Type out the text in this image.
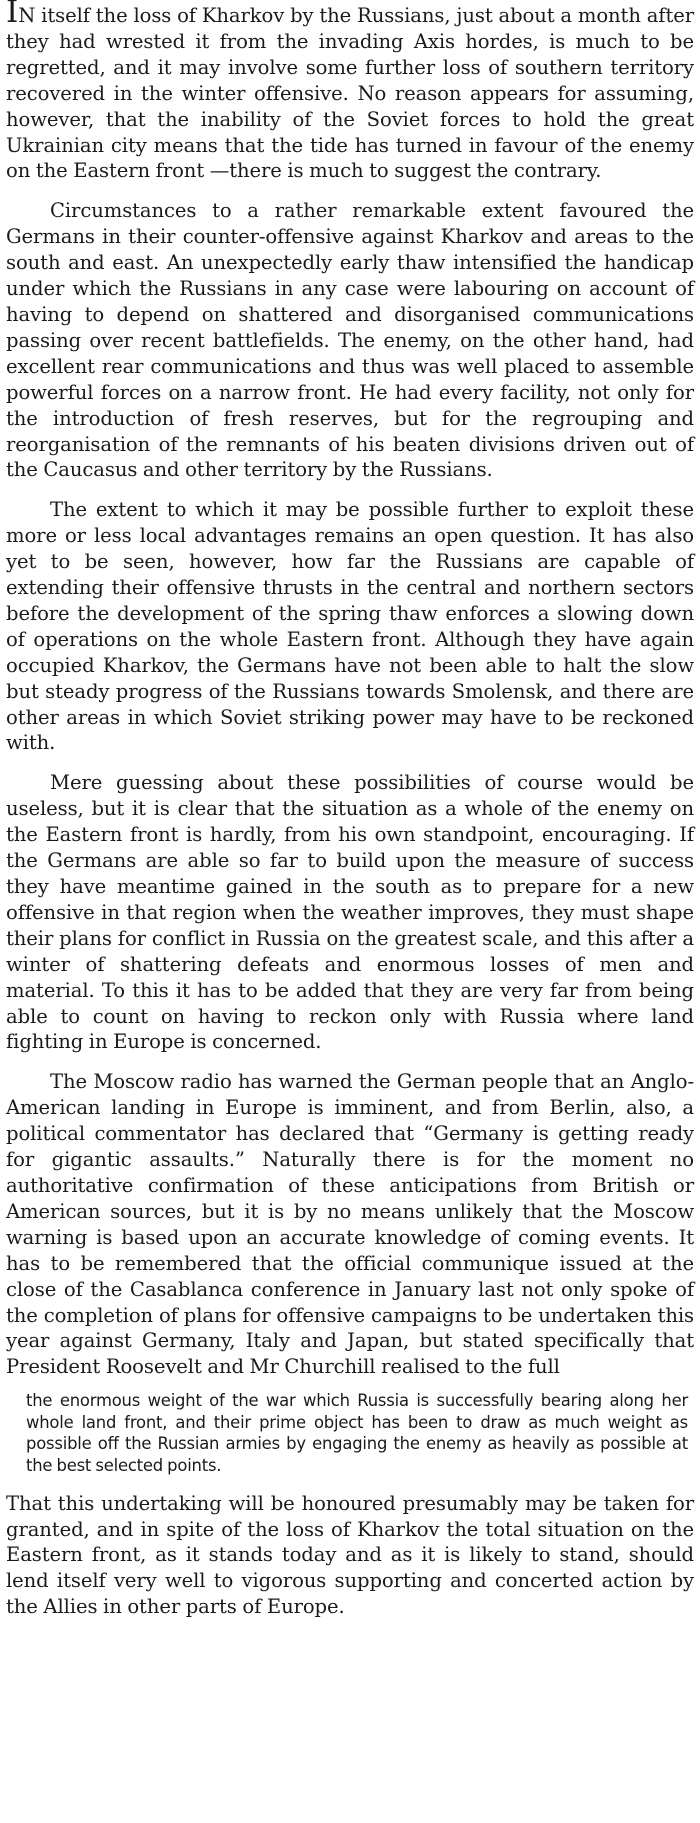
IN itself the loss of Kharkov by the Russians, just about a month after they had wrested it from the invading Axis hordes, is much to be regretted, and it may involve some further loss of southern territory recovered in the winter offensive. No reason appears for assuming, however, that the inability of the Soviet forces to hold the great Ukrainian city means that the tide has turned in favour of the enemy on the Eastern front —there is much to suggest the contrary.

Circumstances to a rather remarkable extent favoured the Germans in their counter-offensive against Kharkov and areas to the south and east. An unexpectedly early thaw intensified the handicap under which the Russians in any case were labouring on account of having to depend on shattered and disorganised communications passing over recent battlefields. The enemy, on the other hand, had excellent rear communications and thus was well placed to assemble powerful forces on a narrow front. He had every facility, not only for the introduction of fresh reserves, but for the regrouping and reorganisation of the remnants of his beaten divisions driven out of the Caucasus and other territory by the Russians.

The extent to which it may be possible further to exploit these more or less local advantages remains an open question. It has also yet to be seen, however, how far the Russians are capable of extending their offensive thrusts in the central and northern sectors before the development of the spring thaw enforces a slowing down of operations on the whole Eastern front. Although they have again occupied Kharkov, the Germans have not been able to halt the slow but steady progress of the Russians towards Smolensk, and there are other areas in which Soviet striking power may have to be reckoned with.

Mere guessing about these possibilities of course would be useless, but it is clear that the situation as a whole of the enemy on the Eastern front is hardly, from his own standpoint, encouraging. If the Germans are able so far to build upon the measure of success they have meantime gained in the south as to prepare for a new offensive in that region when the weather improves, they must shape their plans for conflict in Russia on the greatest scale, and this after a winter of shattering defeats and enormous losses of men and material. To this it has to be added that they are very far from being able to count on having to reckon only with Russia where land fighting in Europe is concerned.

The Moscow radio has warned the German people that an Anglo-American landing in Europe is imminent, and from Berlin, also, a political commentator has declared that “Germany is getting ready for gigantic assaults.” Naturally there is for the moment no authoritative confirmation of these anticipations from British or American sources, but it is by no means unlikely that the Moscow warning is based upon an accurate knowledge of coming events. It has to be remembered that the official communique issued at the close of the Casablanca conference in January last not only spoke of the completion of plans for offensive campaigns to be undertaken this year against Germany, Italy and Japan, but stated specifically that President Roosevelt and Mr Churchill realised to the full

the enormous weight of the war which Russia is successfully bearing along her whole land front, and their prime object has been to draw as much weight as possible off the Russian armies by engaging the enemy as heavily as possible at the best selected points.

That this undertaking will be honoured presumably may be taken for granted, and in spite of the loss of Kharkov the total situation on the Eastern front, as it stands today and as it is likely to stand, should lend itself very well to vigorous supporting and concerted action by the Allies in other parts of Europe.
